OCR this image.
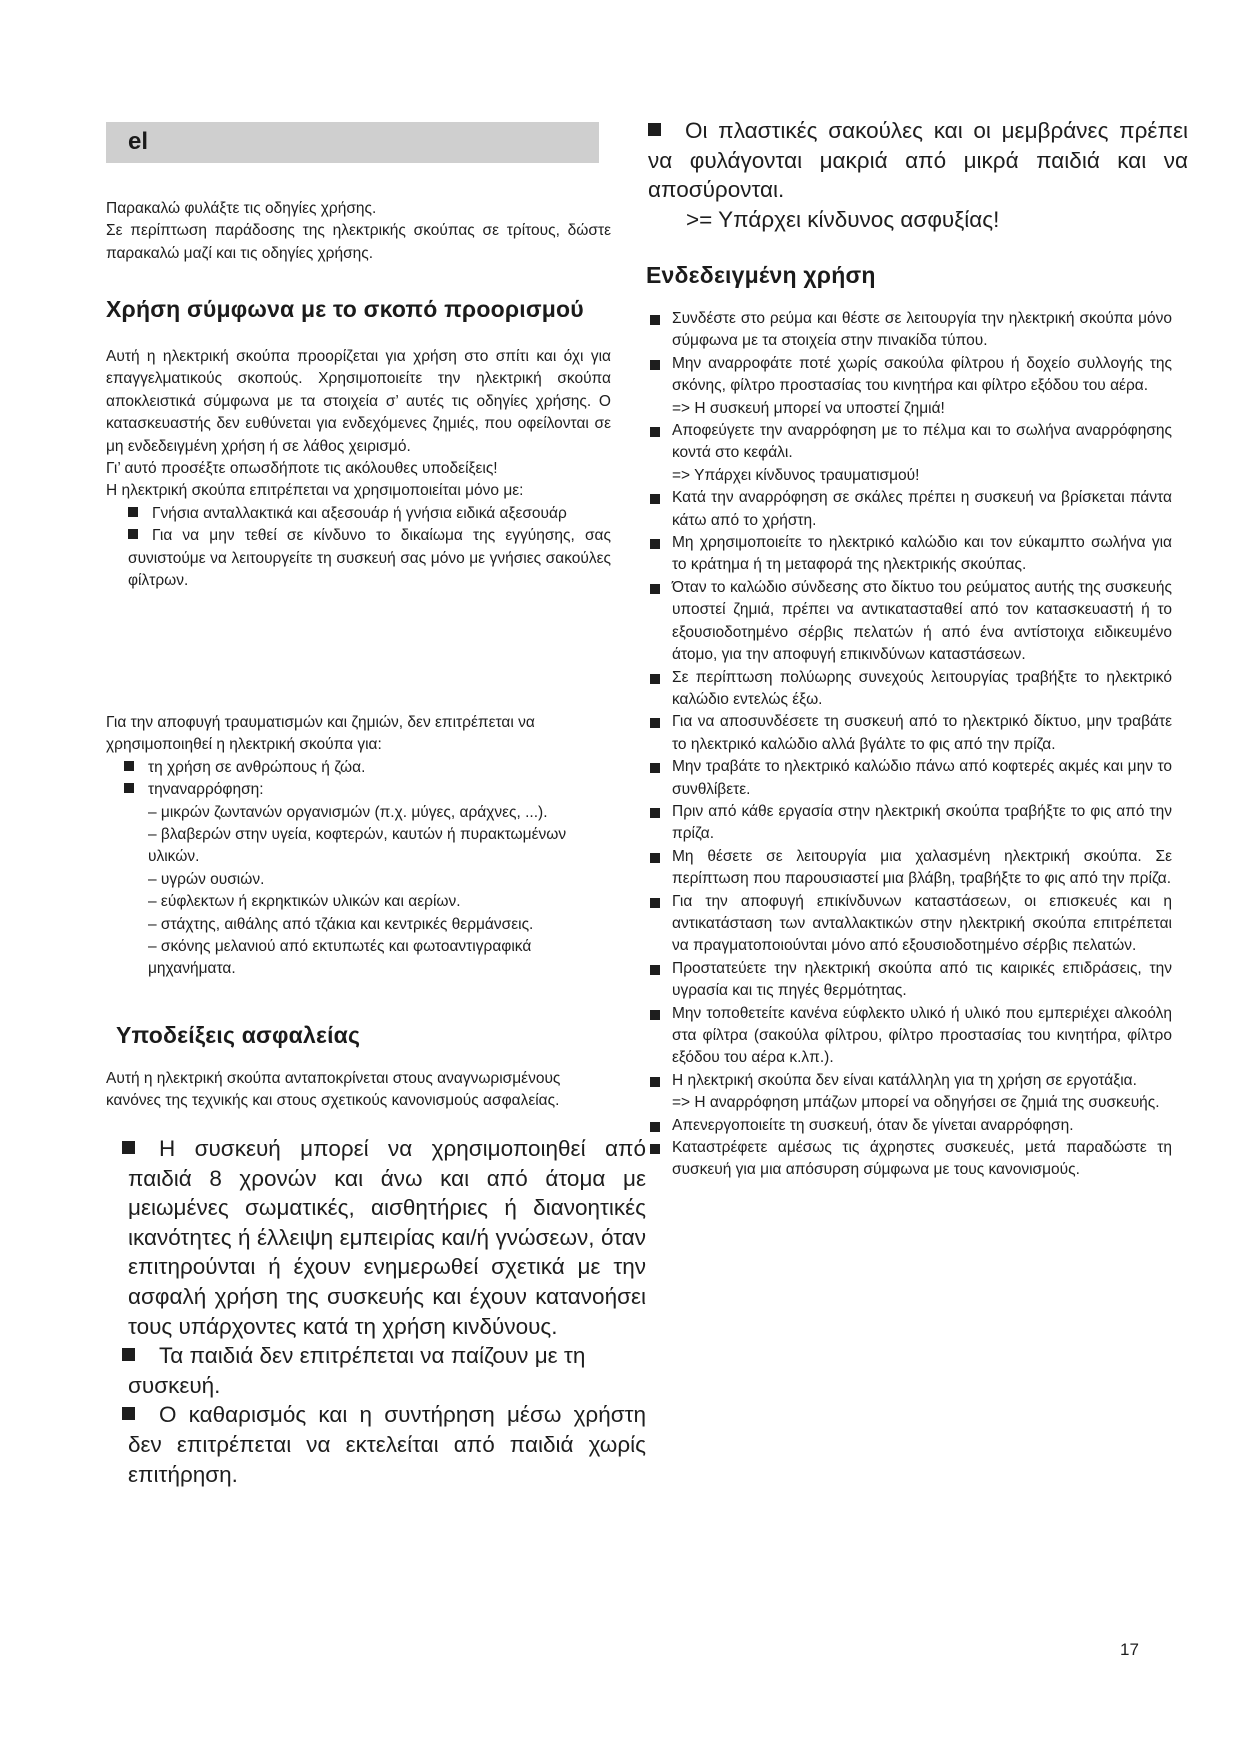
el

Παρακαλώ φυλάξτε τις οδηγίες χρήσης.

Σε περίπτωση παράδοσης της ηλεκτρικής σκούπας σε τρίτους, δώστε παρακαλώ μαζί και τις οδηγίες χρήσης.

Χρήση σύμφωνα με το σκοπό προορισμού

Αυτή η ηλεκτρική σκούπα προορίζεται για χρήση στο σπίτι και όχι για επαγγελματικούς σκοπούς. Χρησιμοποιείτε την ηλεκτρική σκούπα αποκλειστικά σύμφωνα με τα στοιχεία σ’ αυτές τις οδηγίες χρήσης. Ο κατασκευαστής δεν ευθύνεται για ενδεχόμενες ζημιές, που οφείλονται σε μη ενδεδειγμένη χρήση ή σε λάθος χειρισμό.

Γι’ αυτό προσέξτε οπωσδήποτε τις ακόλουθες υποδείξεις!

Η ηλεκτρική σκούπα επιτρέπεται να χρησιμοποιείται μόνο με:

Γνήσια ανταλλακτικά και αξεσουάρ ή γνήσια ειδικά αξεσουάρ

Για να μην τεθεί σε κίνδυνο το δικαίωμα της εγγύησης, σας συνιστούμε να λειτουργείτε τη συσκευή σας μόνο με γνήσιες σακούλες φίλτρων.

Για την αποφυγή τραυματισμών και ζημιών, δεν επιτρέπεται να χρησιμοποιηθεί η ηλεκτρική σκούπα για:

τη χρήση σε ανθρώπους ή ζώα.

τηναναρρόφηση:

– μικρών ζωντανών οργανισμών (π.χ. μύγες, αράχνες, ...).

– βλαβερών στην υγεία, κοφτερών, καυτών ή πυρακτωμένων υλικών.

– υγρών ουσιών.

– εύφλεκτων ή εκρηκτικών υλικών και αερίων.

– στάχτης, αιθάλης από τζάκια και κεντρικές θερμάνσεις.

– σκόνης μελανιού από εκτυπωτές και φωτοαντιγραφικά μηχανήματα.

Υποδείξεις ασφαλείας

Αυτή η ηλεκτρική σκούπα ανταποκρίνεται στους αναγνωρισμένους κανόνες της τεχνικής και στους σχετικούς κανονισμούς ασφαλείας.

Η συσκευή μπορεί να χρησιμοποιηθεί από παιδιά 8 χρονών και άνω και από άτομα με μειωμένες σωματικές, αισθητήριες ή διανοητικές ικανότητες ή έλλειψη εμπειρίας και/ή γνώσεων, όταν επιτηρούνται ή έχουν ενημερωθεί σχετικά με την ασφαλή χρήση της συσκευής και έχουν κατανοήσει τους υπάρχοντες κατά τη χρήση κινδύνους.

Τα παιδιά δεν επιτρέπεται να παίζουν με τη συσκευή.

Ο καθαρισμός και η συντήρηση μέσω χρήστη δεν επιτρέπεται να εκτελείται από παιδιά χωρίς επιτήρηση.

Οι πλαστικές σακούλες και οι μεμβράνες πρέπει να φυλάγονται μακριά από μικρά παιδιά και να αποσύρονται.

>= Υπάρχει κίνδυνος ασφυξίας!

Ενδεδειγμένη χρήση

Συνδέστε στο ρεύμα και θέστε σε λειτουργία την ηλεκτρική σκούπα μόνο σύμφωνα με τα στοιχεία στην πινακίδα τύπου.

Μην αναρροφάτε ποτέ χωρίς σακούλα φίλτρου ή δοχείο συλλογής της σκόνης, φίλτρο προστασίας του κινητήρα και φίλτρο εξόδου του αέρα.

=> Η συσκευή μπορεί να υποστεί ζημιά!

Αποφεύγετε την αναρρόφηση με το πέλμα και το σωλήνα αναρρόφησης κοντά στο κεφάλι.

=> Υπάρχει κίνδυνος τραυματισμού!

Κατά την αναρρόφηση σε σκάλες πρέπει η συσκευή να βρίσκεται πάντα κάτω από το χρήστη.

Μη χρησιμοποιείτε το ηλεκτρικό καλώδιο και τον εύκαμπτο σωλήνα για το κράτημα ή τη μεταφορά της ηλεκτρικής σκούπας.

Όταν το καλώδιο σύνδεσης στο δίκτυο του ρεύματος αυτής της συσκευής υποστεί ζημιά, πρέπει να αντικατασταθεί από τον κατασκευαστή ή το εξουσιοδοτημένο σέρβις πελατών ή από ένα αντίστοιχα ειδικευμένο άτομο, για την αποφυγή επικινδύνων καταστάσεων.

Σε περίπτωση πολύωρης συνεχούς λειτουργίας τραβήξτε το ηλεκτρικό καλώδιο εντελώς έξω.

Για να αποσυνδέσετε τη συσκευή από το ηλεκτρικό δίκτυο, μην τραβάτε το ηλεκτρικό καλώδιο αλλά βγάλτε το φις από την πρίζα.

Μην τραβάτε το ηλεκτρικό καλώδιο πάνω από κοφτερές ακμές και μην το συνθλίβετε.

Πριν από κάθε εργασία στην ηλεκτρική σκούπα τραβήξτε το φις από την πρίζα.

Μη θέσετε σε λειτουργία μια χαλασμένη ηλεκτρική σκούπα. Σε περίπτωση που παρουσιαστεί μια βλάβη, τραβήξτε το φις από την πρίζα.

Για την αποφυγή επικίνδυνων καταστάσεων, οι επισκευές και η αντικατάσταση των ανταλλακτικών στην ηλεκτρική σκούπα επιτρέπεται να πραγματοποιούνται μόνο από εξουσιοδοτημένο σέρβις πελατών.

Προστατεύετε την ηλεκτρική σκούπα από τις καιρικές επιδράσεις, την υγρασία και τις πηγές θερμότητας.

Μην τοποθετείτε κανένα εύφλεκτο υλικό ή υλικό που εμπεριέχει αλκοόλη στα φίλτρα (σακούλα φίλτρου, φίλτρο προστασίας του κινητήρα, φίλτρο εξόδου του αέρα κ.λπ.).

Η ηλεκτρική σκούπα δεν είναι κατάλληλη για τη χρήση σε εργοτάξια.

=> Η αναρρόφηση μπάζων μπορεί να οδηγήσει σε ζημιά της συσκευής.

Απενεργοποιείτε τη συσκευή, όταν δε γίνεται αναρρόφηση.

Καταστρέφετε αμέσως τις άχρηστες συσκευές, μετά παραδώστε τη συσκευή για μια απόσυρση σύμφωνα με τους κανονισμούς.

17
